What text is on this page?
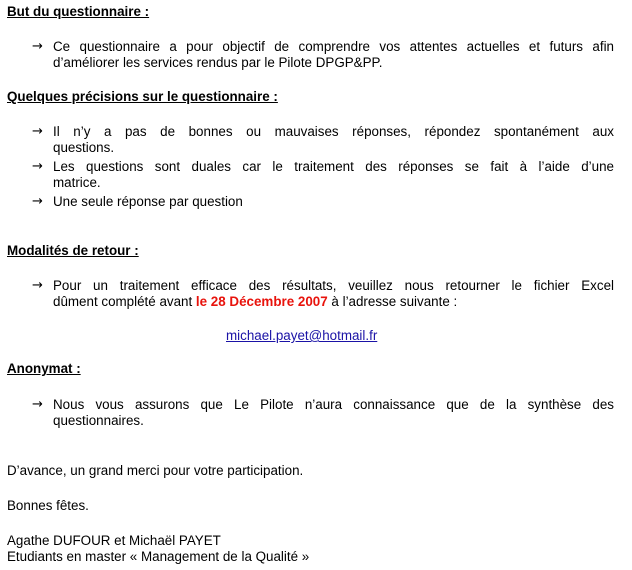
But du questionnaire :
→ Ce questionnaire a pour objectif de comprendre vos attentes actuelles et futurs afin
d’améliorer les services rendus par le Pilote DPGP&PP.
Quelques précisions sur le questionnaire :
→ Il n’y a pas de bonnes ou mauvaises réponses, répondez spontanément aux
questions.
→ Les questions sont duales car le traitement des réponses se fait à l’aide d’une
matrice.
→ Une seule réponse par question
Modalités de retour :
→ Pour un traitement efficace des résultats, veuillez nous retourner le fichier Excel
dûment complété avant le 28 Décembre 2007 à l’adresse suivante :
michael.payet@hotmail.fr
Anonymat :
→ Nous vous assurons que Le Pilote n’aura connaissance que de la synthèse des
questionnaires.
D’avance, un grand merci pour votre participation.
Bonnes fêtes.
Agathe DUFOUR et Michaël PAYET
Etudiants en master « Management de la Qualité »
